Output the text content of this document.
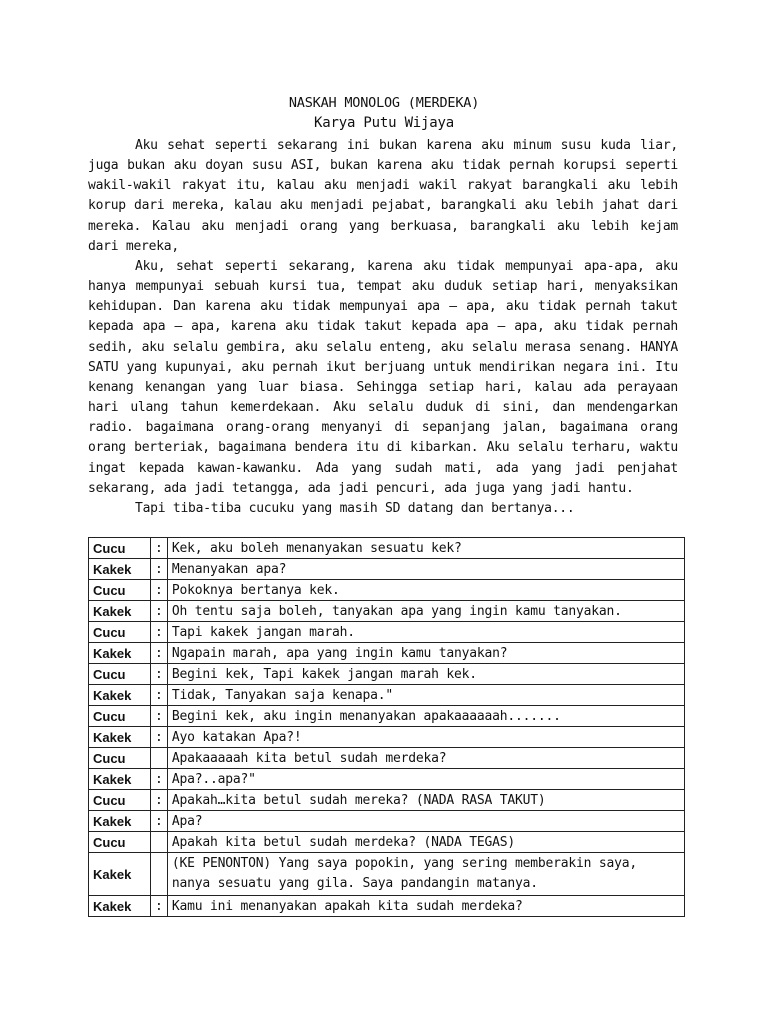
NASKAH MONOLOG (MERDEKA)
Karya Putu Wijaya

Aku sehat seperti sekarang ini bukan karena aku minum susu kuda liar, juga bukan aku doyan susu ASI, bukan karena aku tidak pernah korupsi seperti wakil-wakil rakyat itu, kalau aku menjadi wakil rakyat barangkali aku lebih korup dari mereka, kalau aku menjadi pejabat, barangkali aku lebih jahat dari mereka. Kalau aku menjadi orang yang berkuasa, barangkali aku lebih kejam dari mereka,

Aku, sehat seperti sekarang, karena aku tidak mempunyai apa-apa, aku hanya mempunyai sebuah kursi tua, tempat aku duduk setiap hari, menyaksikan kehidupan. Dan karena aku tidak mempunyai apa – apa, aku tidak pernah takut kepada apa – apa, karena aku tidak takut kepada apa – apa, aku tidak pernah sedih, aku selalu gembira, aku selalu enteng, aku selalu merasa senang. HANYA SATU yang kupunyai, aku pernah ikut berjuang untuk mendirikan negara ini. Itu kenang kenangan yang luar biasa. Sehingga setiap hari, kalau ada perayaan hari ulang tahun kemerdekaan. Aku selalu duduk di sini, dan mendengarkan radio. bagaimana orang-orang menyanyi di sepanjang jalan, bagaimana orang orang berteriak, bagaimana bendera itu di kibarkan. Aku selalu terharu, waktu ingat kepada kawan-kawanku. Ada yang sudah mati, ada yang jadi penjahat sekarang, ada jadi tetangga, ada jadi pencuri, ada juga yang jadi hantu.

Tapi tiba-tiba cucuku yang masih SD datang dan bertanya...

Cucu	:	Kek, aku boleh menanyakan sesuatu kek?
Kakek	:	Menanyakan apa?
Cucu	:	Pokoknya bertanya kek.
Kakek	:	Oh tentu saja boleh, tanyakan apa yang ingin kamu tanyakan.
Cucu	:	Tapi kakek jangan marah.
Kakek	:	Ngapain marah, apa yang ingin kamu tanyakan?
Cucu	:	Begini kek, Tapi kakek jangan marah kek.
Kakek	:	Tidak, Tanyakan saja kenapa."
Cucu	:	Begini kek, aku ingin menanyakan apakaaaaaah.......
Kakek	:	Ayo katakan Apa?!
Cucu		Apakaaaaah kita betul sudah merdeka?
Kakek	:	Apa?..apa?"
Cucu	:	Apakah…kita betul sudah mereka? (NADA RASA TAKUT)
Kakek	:	Apa?
Cucu		Apakah kita betul sudah merdeka? (NADA TEGAS)
Kakek		(KE PENONTON) Yang saya popokin, yang sering memberakin saya, nanya sesuatu yang gila. Saya pandangin matanya.
Kakek	:	Kamu ini menanyakan apakah kita sudah merdeka?
